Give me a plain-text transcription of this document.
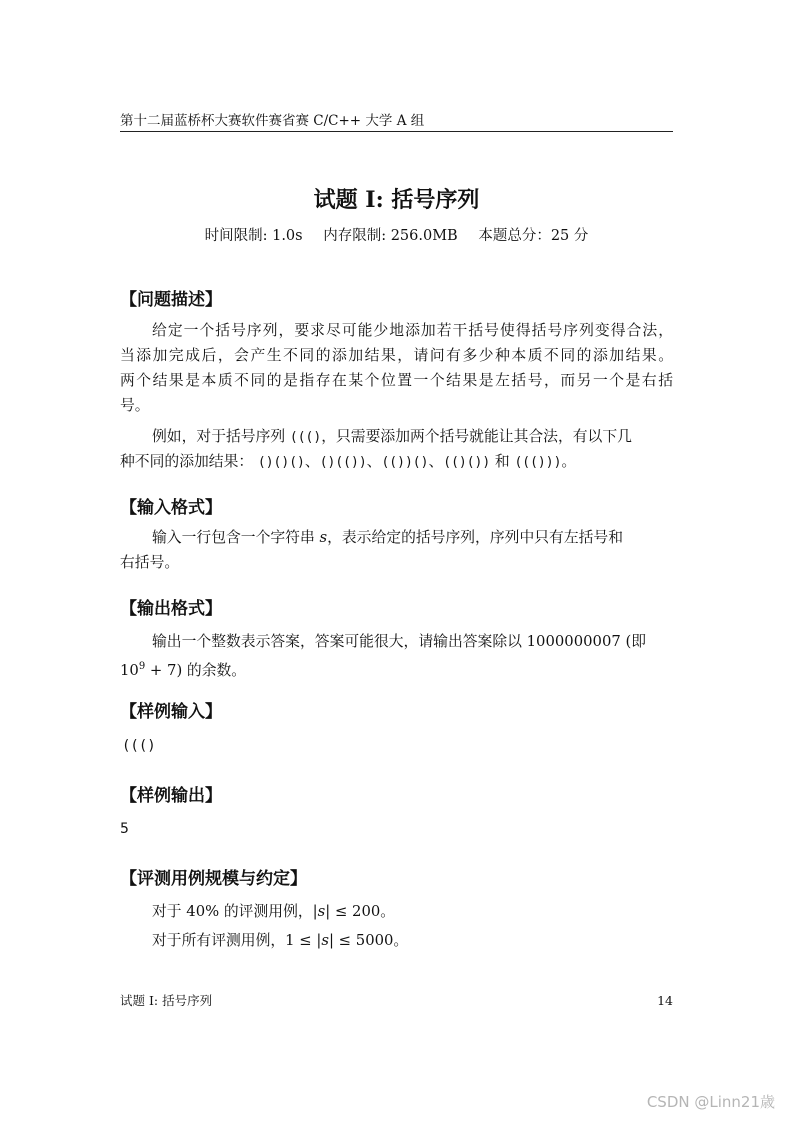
第十二届蓝桥杯大赛软件赛省赛 C/C++ 大学 A 组
试题 I: 括号序列
时间限制: 1.0s 内存限制: 256.0MB 本题总分：25 分
【问题描述】
给定一个括号序列，要求尽可能少地添加若干括号使得括号序列变得合法，
当添加完成后，会产生不同的添加结果，请问有多少种本质不同的添加结果。
两个结果是本质不同的是指存在某个位置一个结果是左括号，而另一个是右括
号。
例如，对于括号序列 ((()，只需要添加两个括号就能让其合法，有以下几
种不同的添加结果： ()()()、()(())、(())()、(()()) 和 ((()))。
【输入格式】
输入一行包含一个字符串 s，表示给定的括号序列，序列中只有左括号和
右括号。
【输出格式】
输出一个整数表示答案，答案可能很大，请输出答案除以 1000000007 (即
$10^9 + 7$) 的余数。
【样例输入】
((()
【样例输出】
5
【评测用例规模与约定】
对于 40% 的评测用例，|s| ≤ 200。
对于所有评测用例，1 ≤ |s| ≤ 5000。
试题 I: 括号序列	14
CSDN @Linn21歳
